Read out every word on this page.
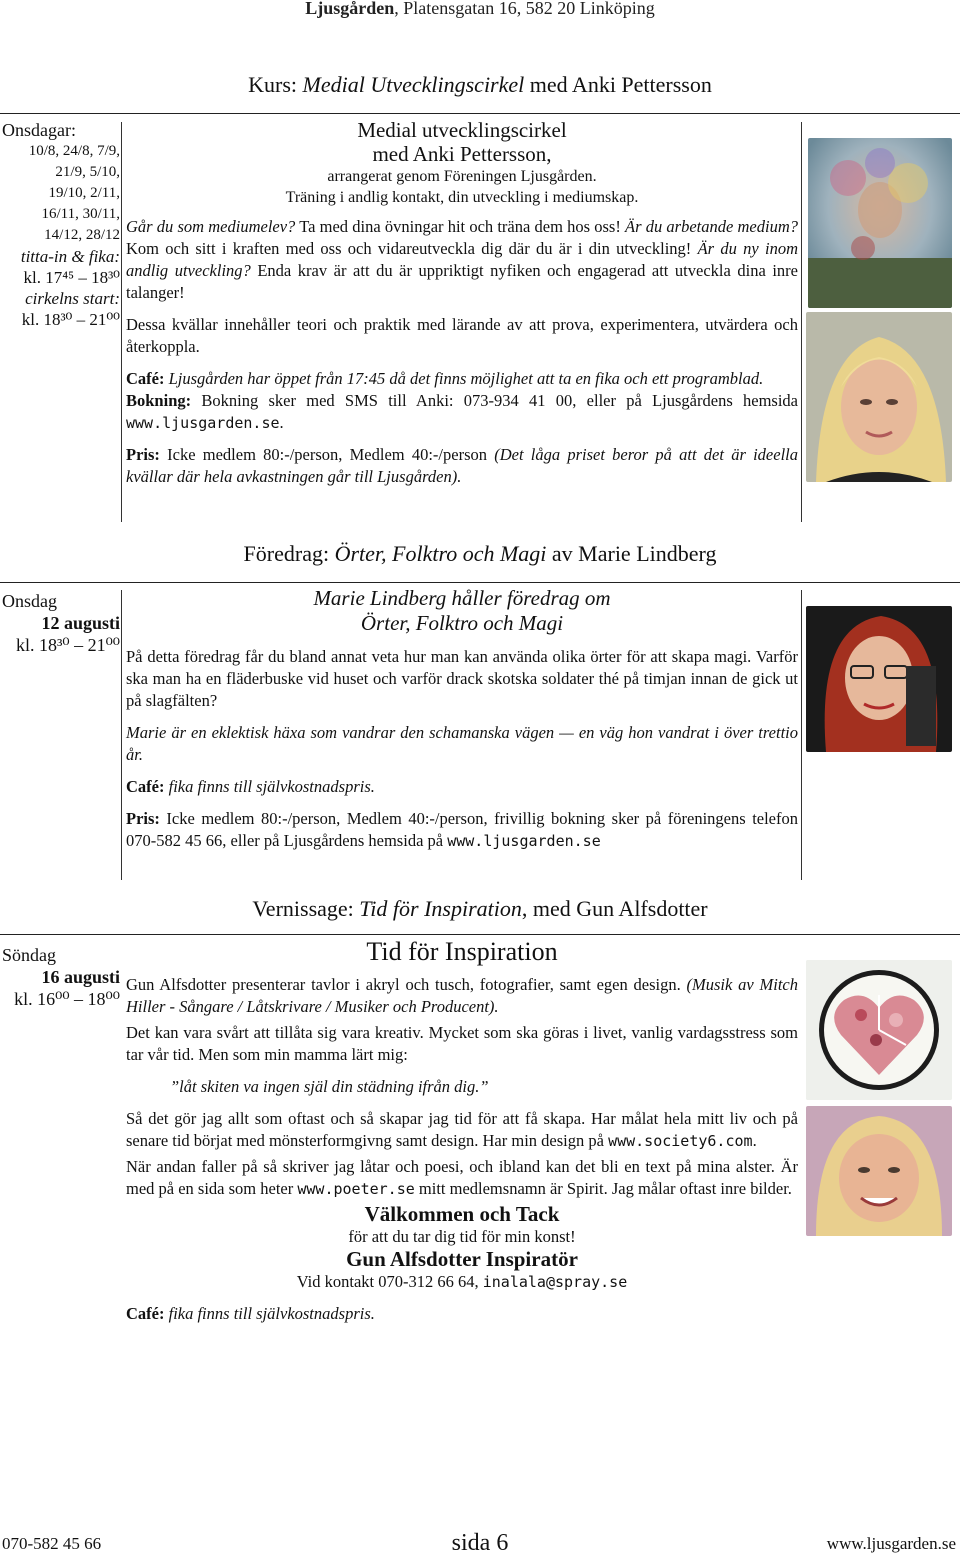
Ljusgården, Platensgatan 16, 582 20 Linköping
Kurs: Medial Utvecklingscirkel med Anki Pettersson
Onsdagar:
10/8, 24/8, 7/9,
21/9, 5/10,
19/10, 2/11,
16/11, 30/11,
14/12, 28/12
titta-in & fika:
kl. 17⁴⁵ – 18³⁰
cirkelns start:
kl. 18³⁰ – 21⁰⁰
Medial utvecklingscirkel
med Anki Pettersson,
arrangerat genom Föreningen Ljusgården.
Träning i andlig kontakt, din utveckling i mediumskap.

Går du som mediumelev? Ta med dina övningar hit och träna dem hos oss! Är du arbetande medium? Kom och sitt i kraften med oss och vidareutveckla dig där du är i din utveckling! Är du ny inom andlig utveckling? Enda krav är att du är uppriktigt nyfiken och engagerad att utveckla dina inre talanger!

Dessa kvällar innehåller teori och praktik med lärande av att prova, experimentera, utvärdera och återkoppla.

Café: Ljusgården har öppet från 17:45 då det finns möjlighet att ta en fika och ett programblad.

Bokning: Bokning sker med SMS till Anki: 073-934 41 00, eller på Ljusgårdens hemsida www.ljusgarden.se.

Pris: Icke medlem 80:-/person, Medlem 40:-/person (Det låga priset beror på att det är ideella kvällar där hela avkastningen går till Ljusgården).

Föredrag: Örter, Folktro och Magi av Marie Lindberg
Onsdag
12 augusti
kl. 18³⁰ – 21⁰⁰
Marie Lindberg håller föredrag om
Örter, Folktro och Magi

På detta föredrag får du bland annat veta hur man kan använda olika örter för att skapa magi. Varför ska man ha en fläderbuske vid huset och varför drack skotska soldater thé på timjan innan de gick ut på slagfälten?

Marie är en eklektisk häxa som vandrar den schamanska vägen — en väg hon vandrat i över trettio år.

Café: fika finns till självkostnadspris.

Pris: Icke medlem 80:-/person, Medlem 40:-/person, frivillig bokning sker på föreningens telefon 070-582 45 66, eller på Ljusgårdens hemsida på www.ljusgarden.se

Vernissage: Tid för Inspiration, med Gun Alfsdotter
Söndag
16 augusti
kl. 16⁰⁰ – 18⁰⁰
Tid för Inspiration

Gun Alfsdotter presenterar tavlor i akryl och tusch, fotografier, samt egen design. (Musik av Mitch Hiller - Sångare / Låtskrivare / Musiker och Producent).

Det kan vara svårt att tillåta sig vara kreativ. Mycket som ska göras i livet, vanlig vardagsstress som tar vår tid. Men som min mamma lärt mig:

”låt skiten va ingen själ din städning ifrån dig.”

Så det gör jag allt som oftast och så skapar jag tid för att få skapa. Har målat hela mitt liv och på senare tid börjat med mönsterformgivng samt design. Har min design på www.society6.com.

När andan faller på så skriver jag låtar och poesi, och ibland kan det bli en text på mina alster. Är med på en sida som heter www.poeter.se mitt medlemsnamn är Spirit. Jag målar oftast inre bilder.

Välkommen och Tack
för att du tar dig tid för min konst!
Gun Alfsdotter Inspiratör
Vid kontakt 070-312 66 64, inalala@spray.se

Café: fika finns till självkostnadspris.

070-582 45 66	sida 6	www.ljusgarden.se
